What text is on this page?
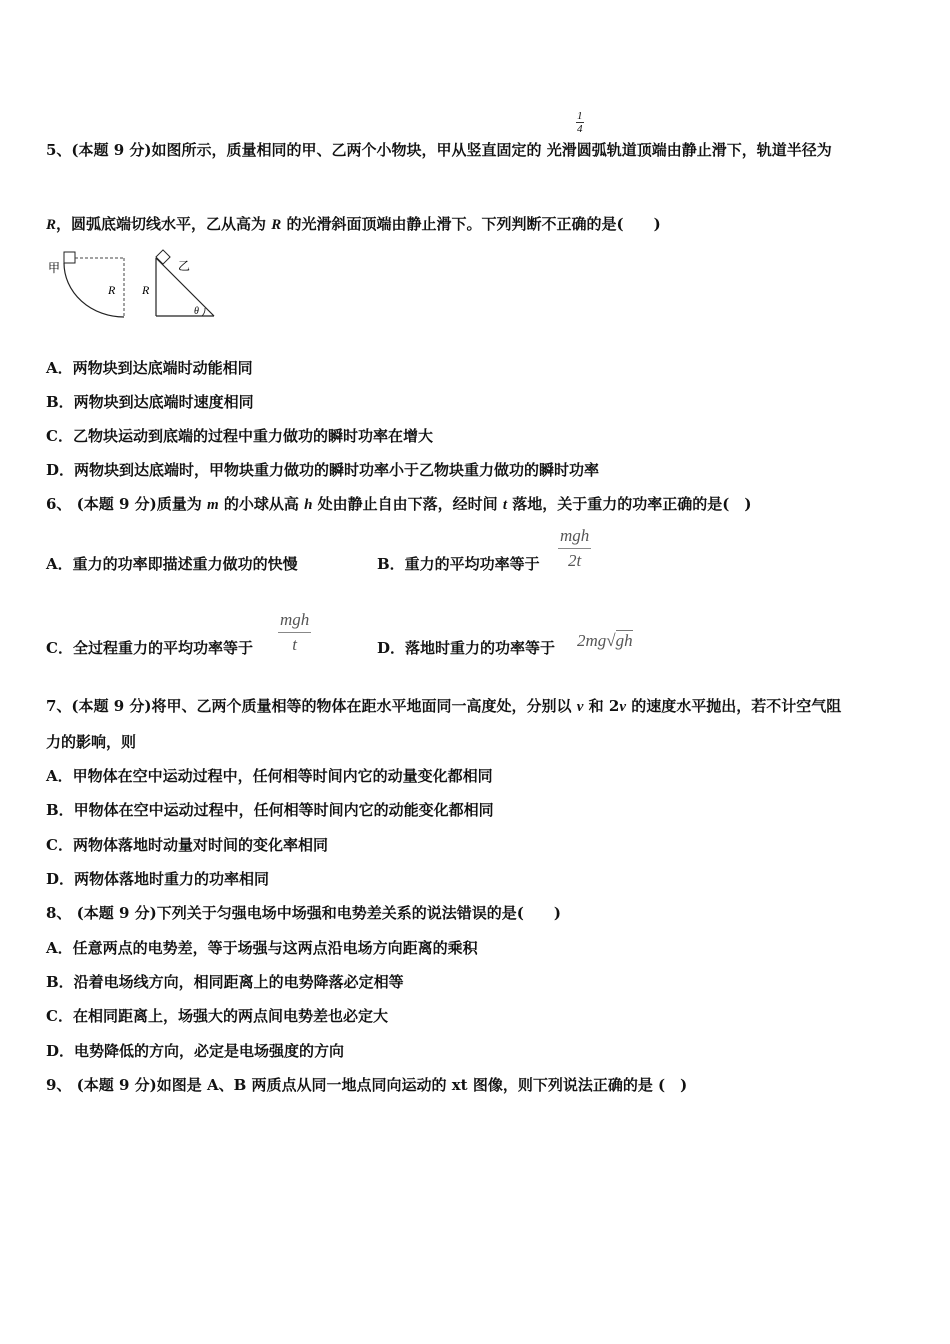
$\frac{1}{4}$
5、(本题 9 分)如图所示，质量相同的甲、乙两个小物块，甲从竖直固定的 光滑圆弧轨道顶端由静止滑下，轨道半径为
R，圆弧底端切线水平，乙从高为 R 的光滑斜面顶端由静止滑下。下列判断不正确的是(　　)
甲
R
乙
R
θ
A．两物块到达底端时动能相同
B．两物块到达底端时速度相同
C．乙物块运动到底端的过程中重力做功的瞬时功率在增大
D．两物块到达底端时，甲物块重力做功的瞬时功率小于乙物块重力做功的瞬时功率
6、 (本题 9 分)质量为 m 的小球从高 h 处由静止自由下落，经时间 t 落地，关于重力的功率正确的是(　)
A．重力的功率即描述重力做功的快慢	B．重力的平均功率等于
mgh
2t
C．全过程重力的平均功率等于
mgh
t	D．落地时重力的功率等于 2mg√gh
7、(本题 9 分)将甲、乙两个质量相等的物体在距水平地面同一高度处，分别以 v 和 2v 的速度水平抛出，若不计空气阻
力的影响，则
A．甲物体在空中运动过程中，任何相等时间内它的动量变化都相同
B．甲物体在空中运动过程中，任何相等时间内它的动能变化都相同
C．两物体落地时动量对时间的变化率相同
D．两物体落地时重力的功率相同
8、 (本题 9 分)下列关于匀强电场中场强和电势差关系的说法错误的是(　　)
A．任意两点的电势差，等于场强与这两点沿电场方向距离的乘积
B．沿着电场线方向，相同距离上的电势降落必定相等
C．在相同距离上，场强大的两点间电势差也必定大
D．电势降低的方向，必定是电场强度的方向
9、 (本题 9 分)如图是 A、B 两质点从同一地点同向运动的 xt 图像，则下列说法正确的是 (　)
